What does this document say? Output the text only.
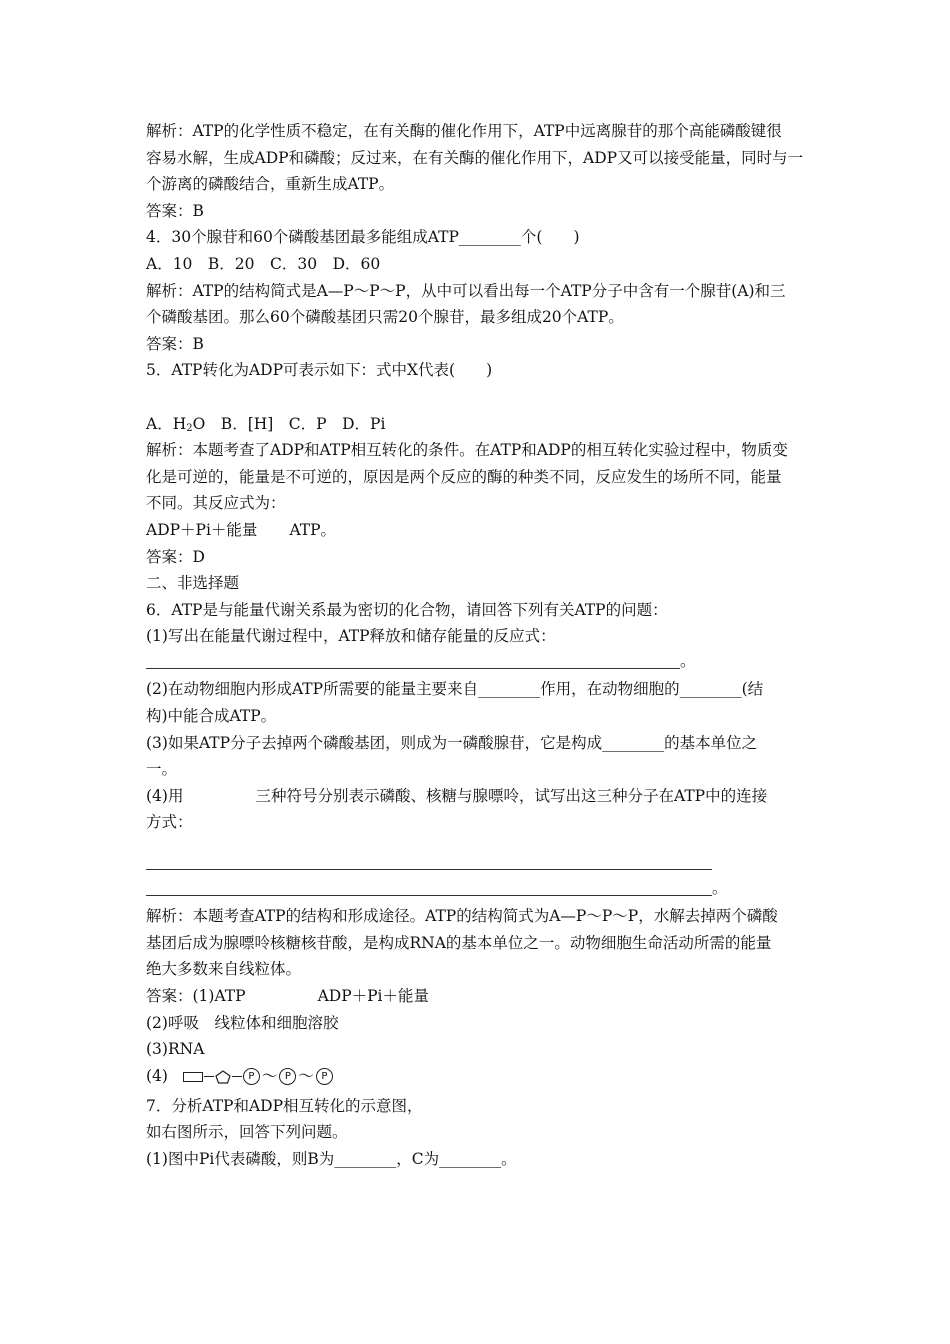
解析：ATP的化学性质不稳定，在有关酶的催化作用下，ATP中远离腺苷的那个高能磷酸键很
容易水解，生成ADP和磷酸；反过来，在有关酶的催化作用下，ADP又可以接受能量，同时与一
个游离的磷酸结合，重新生成ATP。
答案：B
4．30个腺苷和60个磷酸基团最多能组成ATP________个(　　)
A．10　B．20　C．30　D．60
解析：ATP的结构简式是A—P～P～P，从中可以看出每一个ATP分子中含有一个腺苷(A)和三
个磷酸基团。那么60个磷酸基团只需20个腺苷，最多组成20个ATP。
答案：B
5．ATP转化为ADP可表示如下：式中X代表(　　)
A．$H_2O$　B．[H]　C．P　D．Pi
解析：本题考查了ADP和ATP相互转化的条件。在ATP和ADP的相互转化实验过程中，物质变
化是可逆的，能量是不可逆的，原因是两个反应的酶的种类不同，反应发生的场所不同，能量
不同。其反应式为：
ADP＋Pi＋能量 ATP。
答案：D
二、非选择题
6．ATP是与能量代谢关系最为密切的化合物，请回答下列有关ATP的问题：
(1)写出在能量代谢过程中，ATP释放和储存能量的反应式：
。
(2)在动物细胞内形成ATP所需要的能量主要来自________作用，在动物细胞的________(结
构)中能合成ATP。
(3)如果ATP分子去掉两个磷酸基团，则成为一磷酸腺苷，它是构成________的基本单位之
一。
(4)用	三种符号分别表示磷酸、核糖与腺嘌呤，试写出这三种分子在ATP中的连接
方式：
。
解析：本题考查ATP的结构和形成途径。ATP的结构简式为A—P～P～P，水解去掉两个磷酸
基团后成为腺嘌呤核糖核苷酸，是构成RNA的基本单位之一。动物细胞生命活动所需的能量
绝大多数来自线粒体。
答案：(1)ATP	ADP＋Pi＋能量
(2)呼吸　线粒体和细胞溶胶
(3)RNA
(4)	P ～ P ～ P
7．分析ATP和ADP相互转化的示意图，
如右图所示，回答下列问题。
(1)图中Pi代表磷酸，则B为________，C为________。
